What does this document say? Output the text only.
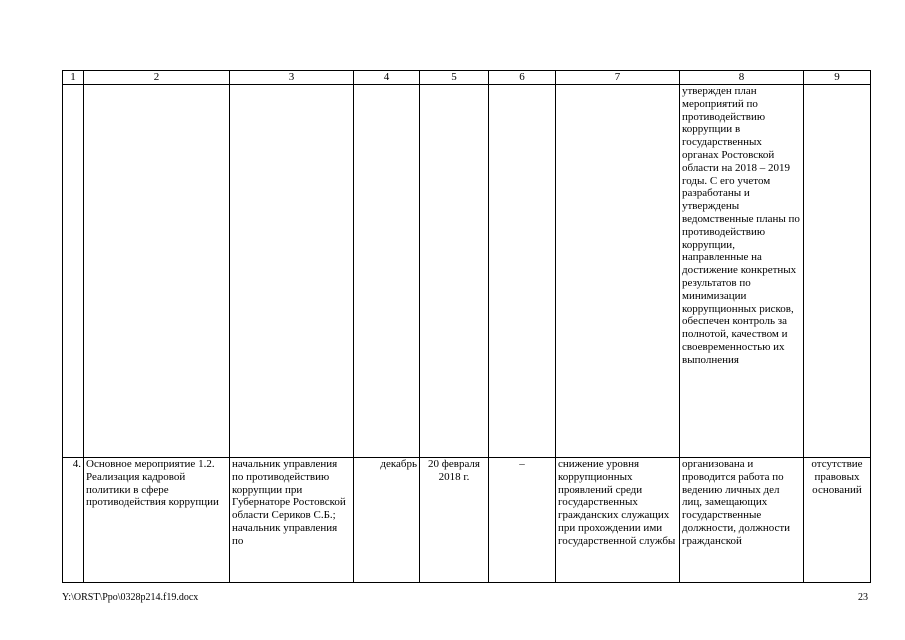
1	2	3	4	5	6	7	8	9
							утвержден план мероприятий по противодействию коррупции в государственных органах Ростовской области на 2018 – 2019 годы. С его учетом разработаны и утверждены ведомственные планы по противодействию коррупции, направленные на достижение конкретных результатов по минимизации коррупционных рисков, обеспечен контроль за полнотой, качеством и своевременностью их выполнения	
4.	Основное мероприятие 1.2. Реализация кадровой политики в сфере противодействия коррупции	начальник управления по противодействию коррупции при Губернаторе Ростовской области Сериков С.Б.; начальник управления по	декабрь	20 февраля 2018 г.	–	снижение уровня коррупционных проявлений среди государственных гражданских служащих при прохождении ими государственной службы	организована и проводится работа по ведению личных дел лиц, замещающих государственные должности, должности гражданской	отсутствие правовых оснований
Y:\ORST\Ppo\0328p214.f19.docx	23
